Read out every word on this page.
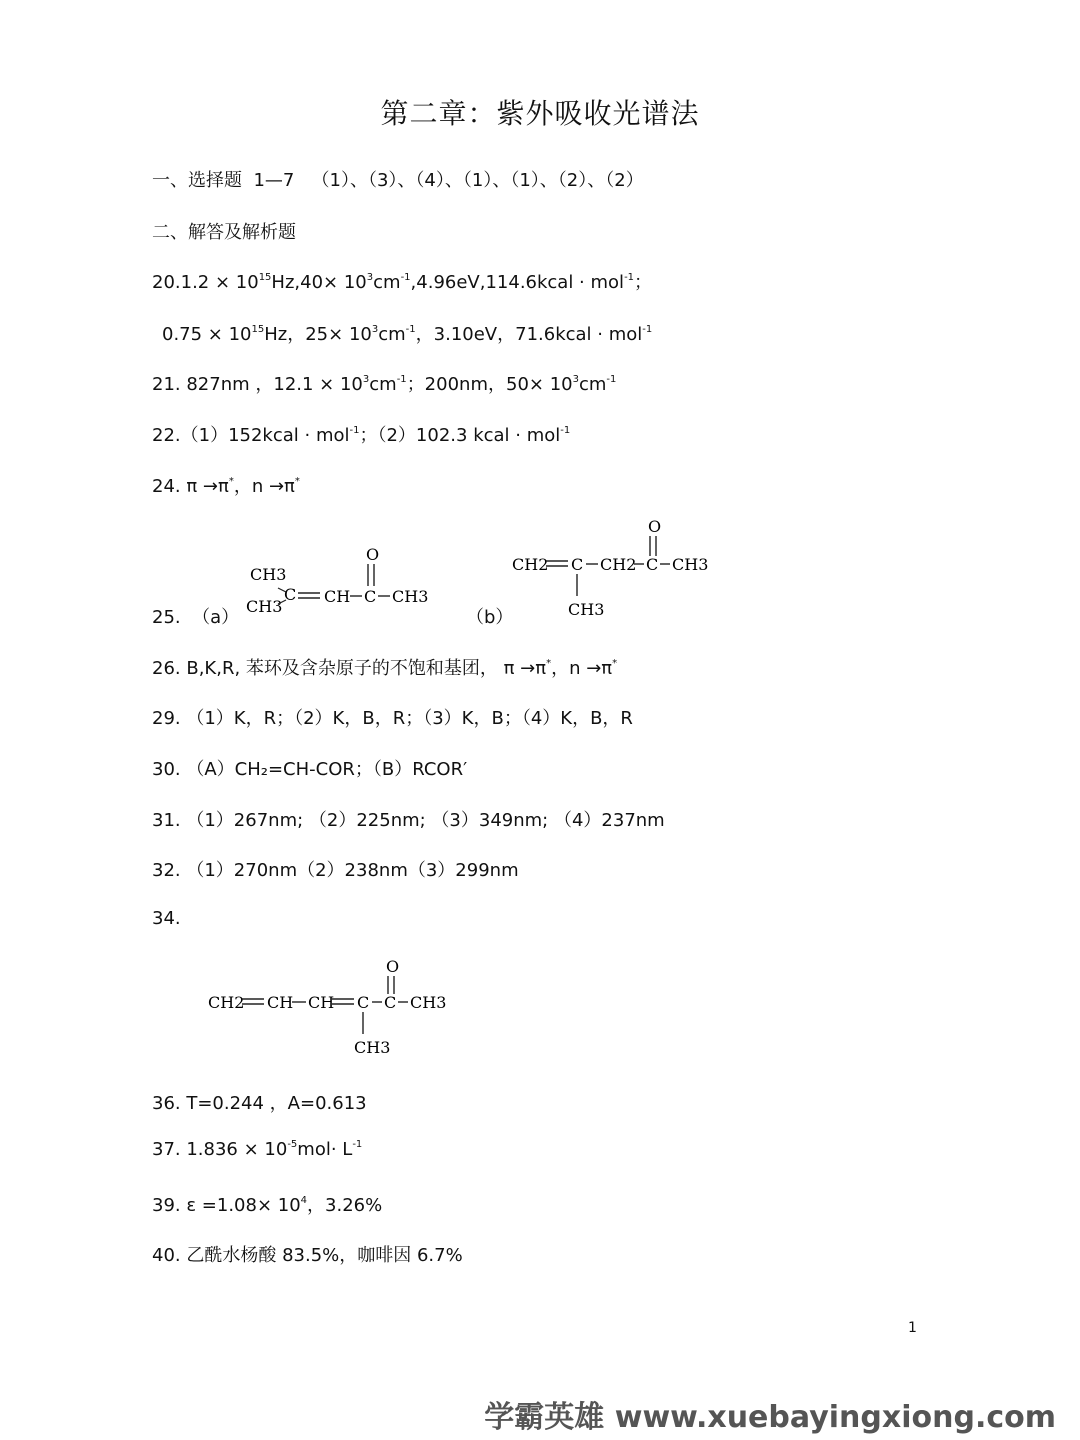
第二章：紫外吸收光谱法
一、选择题 1—7 （1）、（3）、（4）、（1）、（1）、（2）、（2）
二、解答及解析题
$20.1.2 \times 10^{15}Hz,40\times$ $10^3cm^{-1},4.96eV,114.6kcal \cdot mol^{-1}$；
$0.75 \times 10^{15}Hz$，$25\times 10^3cm^{-1}$，3.10eV，71.6kcal · mol$^{-1}$
21. 827nm ，$12.1 \times 10^3cm^{-1}$；200nm，$50\times 10^3cm^{-1}$
22.（1）152kcal · mol$^{-1}$；（2）102.3 kcal · mol$^{-1}$
24. π →π*，n →π*
25. （a）	（b）
CH3
CH3
C CH C
O
CH3
CH2 C
CH3
CH2 C
O
CH3
26. B,K,R, 苯环及含杂原子的不饱和基团， π →π*，n →π*
29. （1）K，R；（2）K，B，R；（3）K，B；（4）K，B，R
30. （A）CH₂=CH-COR；（B）RCOR′
31. （1）267nm; （2）225nm; （3）349nm; （4）237nm
32. （1）270nm（2）238nm（3）299nm
34.
CH2 CH CH C
CH3
C
O
CH3
36. T=0.244 ，A=0.613
37. $1.836 \times 10^{-5}mol\cdot L^{-1}$
39. $\varepsilon =1.08\times 10^4$，3.26%
40. 乙酰水杨酸 83.5%，咖啡因 6.7%
1
学霸英雄 www.xuebayingxiong.com
